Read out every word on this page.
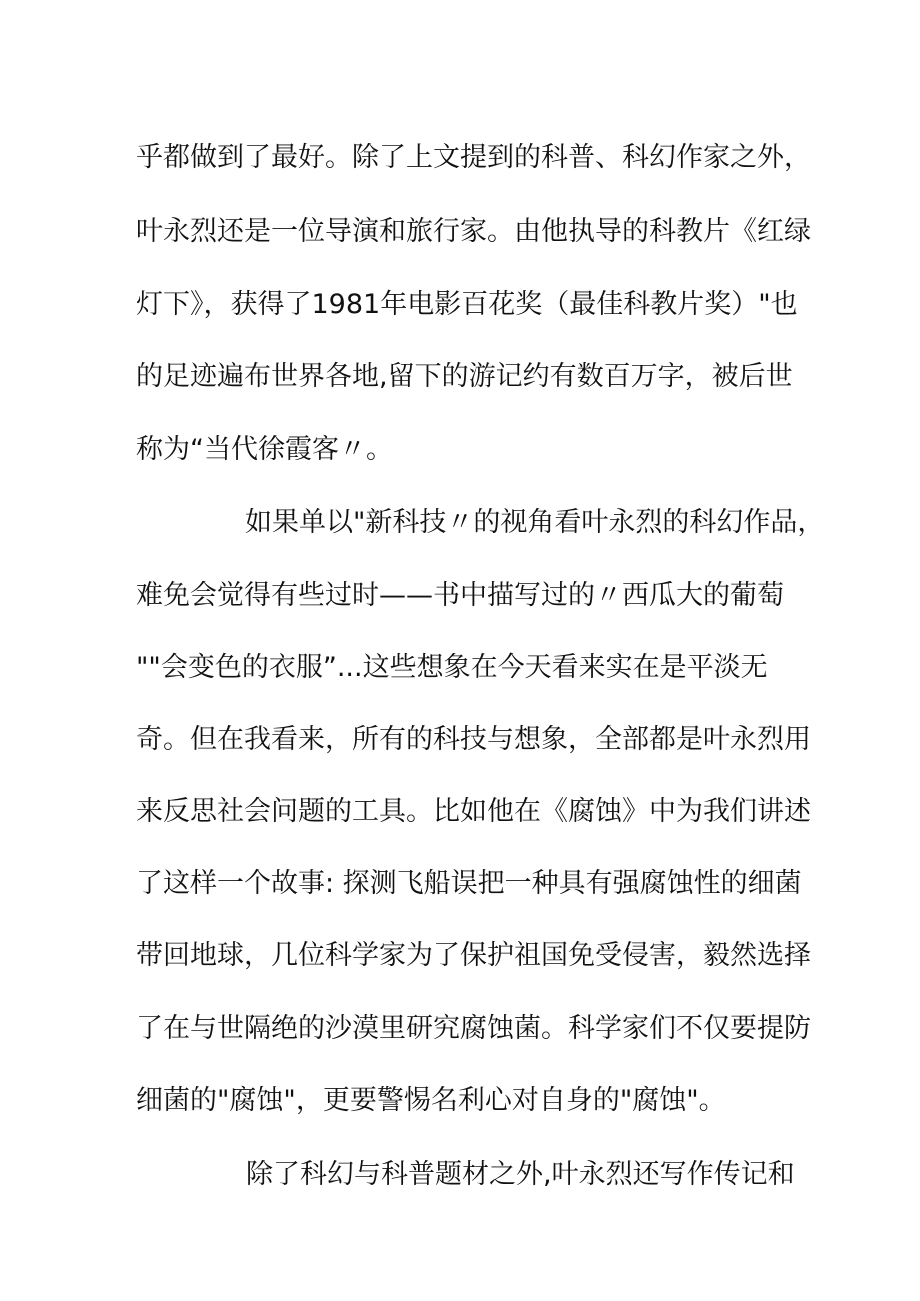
乎都做到了最好。除了上文提到的科普、科幻作家之外，
叶永烈还是一位导演和旅行家。由他执导的科教片《红绿
灯下》，获得了1981年电影百花奖（最佳科教片奖）"也
的足迹遍布世界各地,留下的游记约有数百万字，被后世
称为“当代徐霞客〃。
如果单以"新科技〃的视角看叶永烈的科幻作品，
难免会觉得有些过时——书中描写过的〃西瓜大的葡萄
""会变色的衣服”...这些想象在今天看来实在是平淡无
奇。但在我看来，所有的科技与想象，全部都是叶永烈用
来反思社会问题的工具。比如他在《腐蚀》中为我们讲述
了这样一个故事: 探测飞船误把一种具有强腐蚀性的细菌
带回地球，几位科学家为了保护祖国免受侵害，毅然选择
了在与世隔绝的沙漠里研究腐蚀菌。科学家们不仅要提防
细菌的"腐蚀"，更要警惕名利心对自身的"腐蚀"。
除了科幻与科普题材之外,叶永烈还写作传记和
